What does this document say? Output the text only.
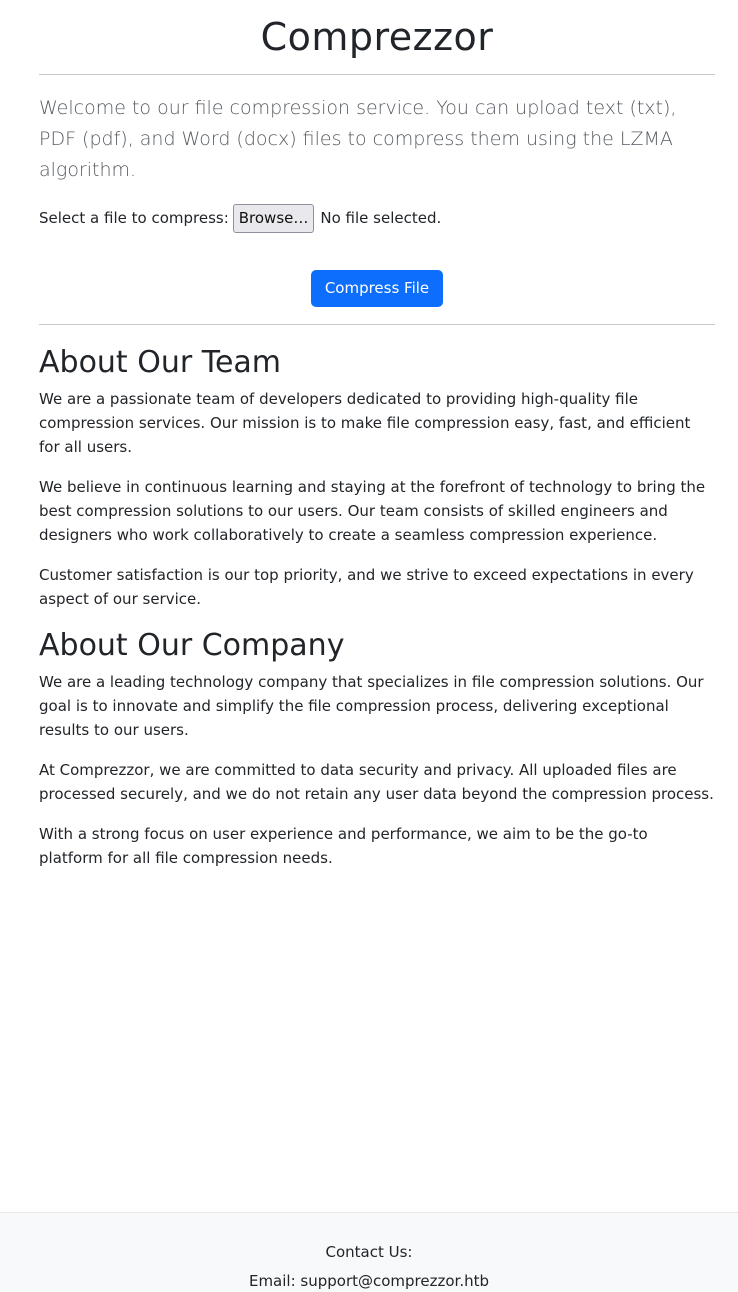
Comprezzor

Welcome to our file compression service. You can upload text (txt), PDF (pdf), and Word (docx) files to compress them using the LZMA algorithm.

Select a file to compress: Browse… No file selected.
Compress File
About Our Team

We are a passionate team of developers dedicated to providing high-quality file compression services. Our mission is to make file compression easy, fast, and efficient for all users.

We believe in continuous learning and staying at the forefront of technology to bring the best compression solutions to our users. Our team consists of skilled engineers and designers who work collaboratively to create a seamless compression experience.

Customer satisfaction is our top priority, and we strive to exceed expectations in every aspect of our service.

About Our Company

We are a leading technology company that specializes in file compression solutions. Our goal is to innovate and simplify the file compression process, delivering exceptional results to our users.

At Comprezzor, we are committed to data security and privacy. All uploaded files are processed securely, and we do not retain any user data beyond the compression process.

With a strong focus on user experience and performance, we aim to be the go-to platform for all file compression needs.

Contact Us:
Email: support@comprezzor.htb
